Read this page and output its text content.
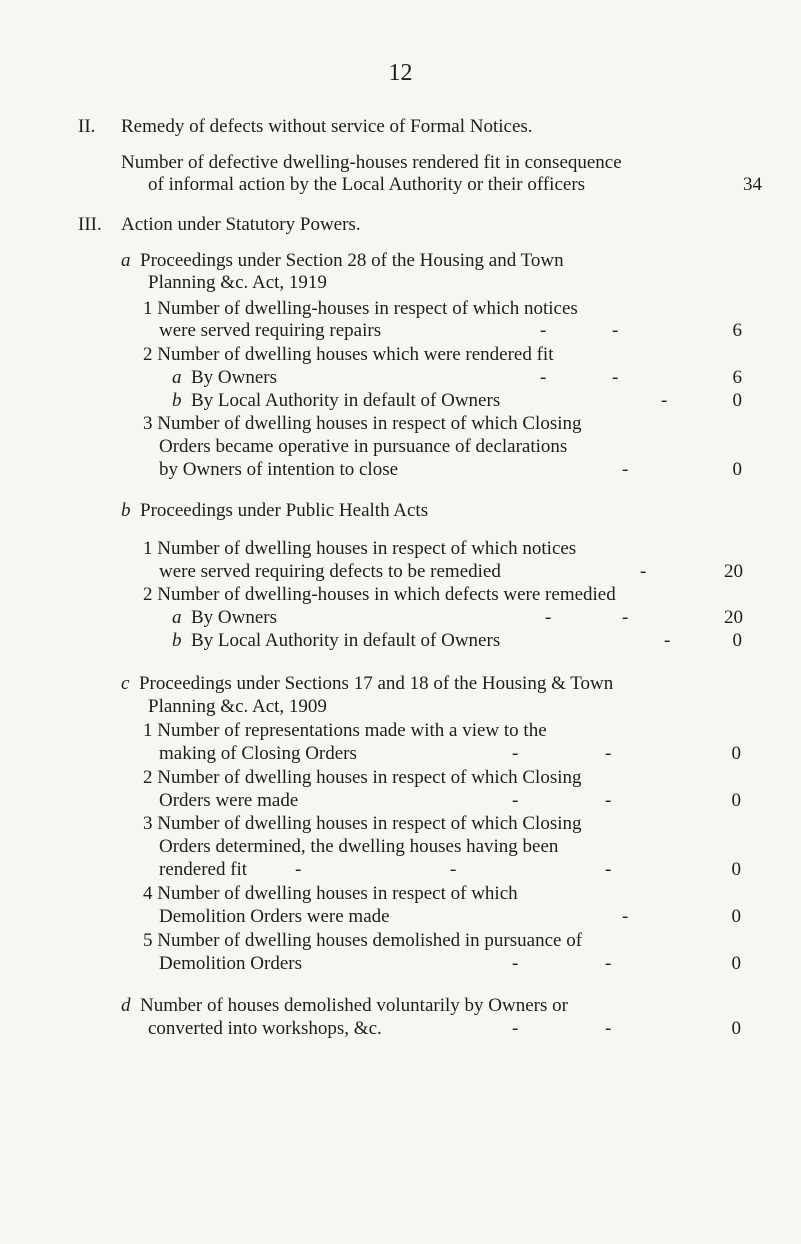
12
II. Remedy of defects without service of Formal Notices.
Number of defective dwelling-houses rendered fit in consequence
of informal action by the Local Authority or their officers	34
III. Action under Statutory Powers.
a Proceedings under Section 28 of the Housing and Town
Planning &c. Act, 1919
1 Number of dwelling-houses in respect of which notices
were served requiring repairs	-	-	6
2 Number of dwelling houses which were rendered fit
a By Owners	-	-	6
b By Local Authority in default of Owners	-	0
3 Number of dwelling houses in respect of which Closing
Orders became operative in pursuance of declarations
by Owners of intention to close	-	0
b Proceedings under Public Health Acts
1 Number of dwelling houses in respect of which notices
were served requiring defects to be remedied	-	20
2 Number of dwelling-houses in which defects were remedied
a By Owners	-	-	20
b By Local Authority in default of Owners	-	0
c Proceedings under Sections 17 and 18 of the Housing & Town
Planning &c. Act, 1909
1 Number of representations made with a view to the
making of Closing Orders	-	-	0
2 Number of dwelling houses in respect of which Closing
Orders were made	-	-	0
3 Number of dwelling houses in respect of which Closing
Orders determined, the dwelling houses having been
rendered fit	-	-	-	0
4 Number of dwelling houses in respect of which
Demolition Orders were made	-	0
5 Number of dwelling houses demolished in pursuance of
Demolition Orders	-	-	0
d Number of houses demolished voluntarily by Owners or
converted into workshops, &c.	-	-	0
